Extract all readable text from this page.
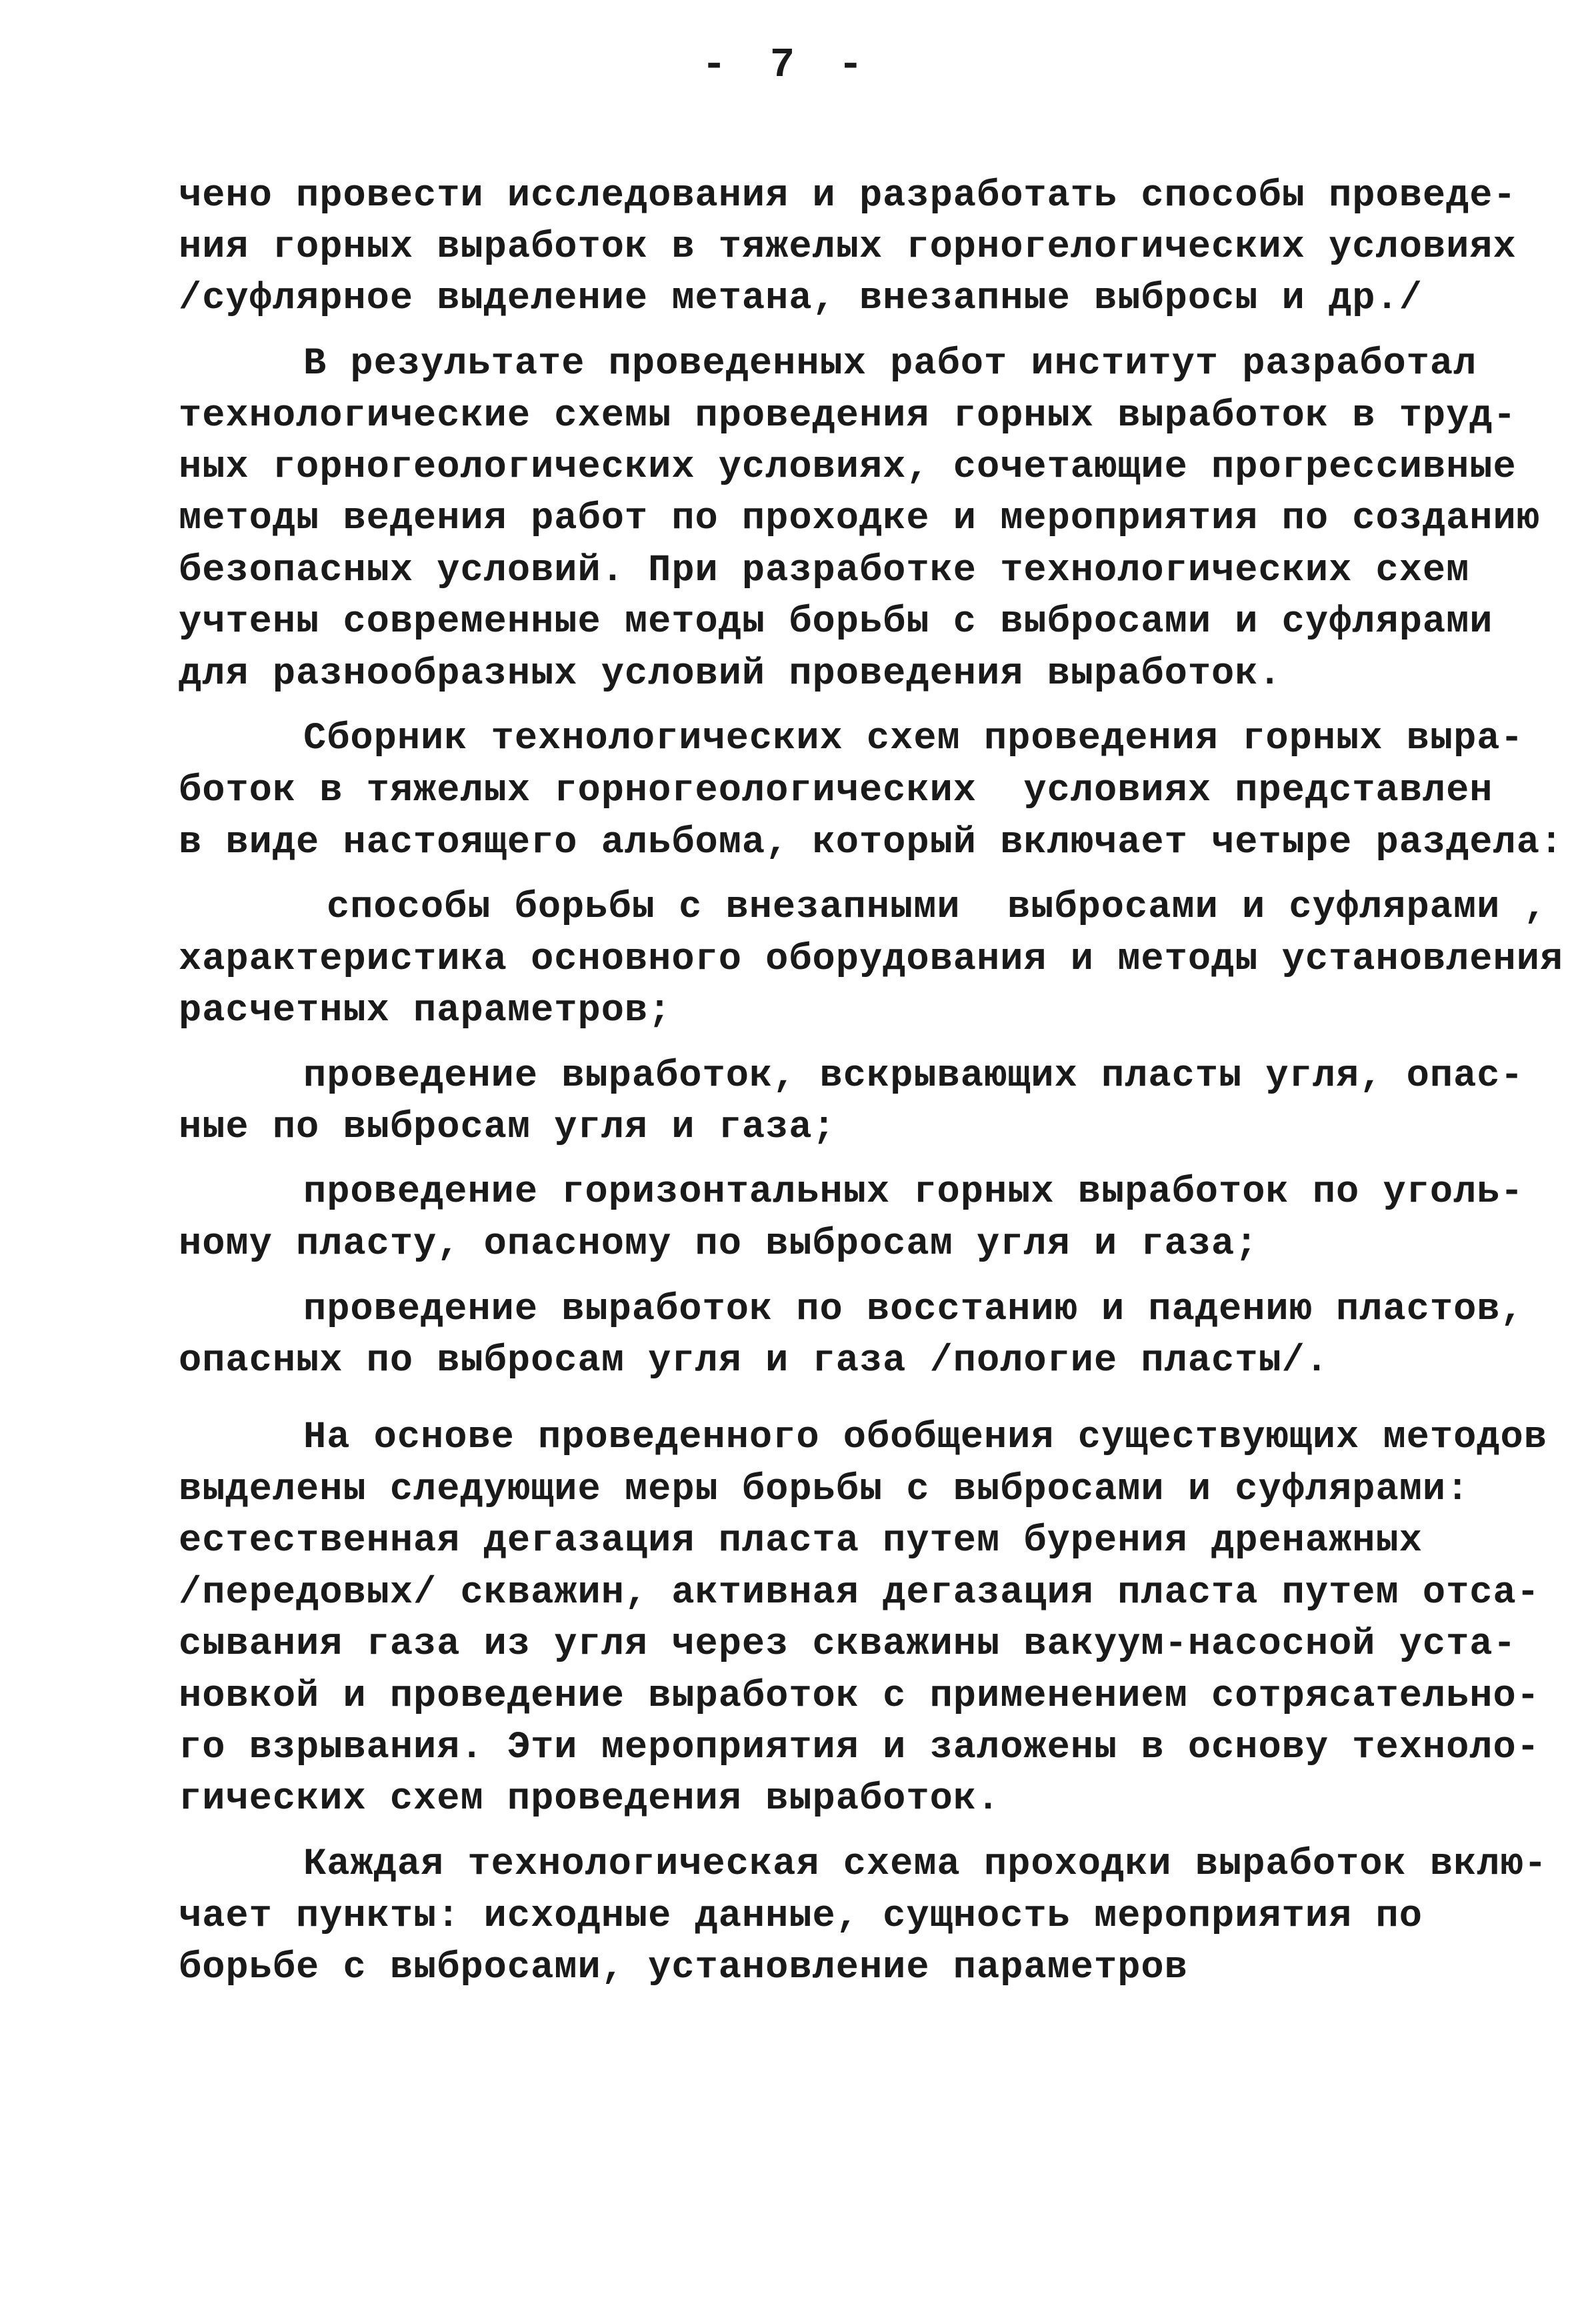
- 7 -
чено провести исследования и разработать способы проведе-
ния горных выработок в тяжелых горногелогических условиях
/суфлярное выделение метана, внезапные выбросы и др./
В результате проведенных работ институт разработал
технологические схемы проведения горных выработок в труд-
ных горногеологических условиях, сочетающие прогрессивные
методы ведения работ по проходке и мероприятия по созданию
безопасных условий. При разработке технологических схем
учтены современные методы борьбы с выбросами и суфлярами
для разнообразных условий проведения выработок.
Сборник технологических схем проведения горных выра-
боток в тяжелых горногеологических  условиях представлен
в виде настоящего альбома, который включает четыре раздела:
способы борьбы с внезапными  выбросами и суфлярами ,
характеристика основного оборудования и методы установления
расчетных параметров;
проведение выработок, вскрывающих пласты угля, опас-
ные по выбросам угля и газа;
проведение горизонтальных горных выработок по уголь-
ному пласту, опасному по выбросам угля и газа;
проведение выработок по восстанию и падению пластов,
опасных по выбросам угля и газа /пологие пласты/.
На основе проведенного обобщения существующих методов
выделены следующие меры борьбы с выбросами и суфлярами:
естественная дегазация пласта путем бурения дренажных
/передовых/ скважин, активная дегазация пласта путем отса-
сывания газа из угля через скважины вакуум-насосной уста-
новкой и проведение выработок с применением сотрясательно-
го взрывания. Эти мероприятия и заложены в основу техноло-
гических схем проведения выработок.
Каждая технологическая схема проходки выработок вклю-
чает пункты: исходные данные, сущность мероприятия по
борьбе с выбросами, установление параметров
